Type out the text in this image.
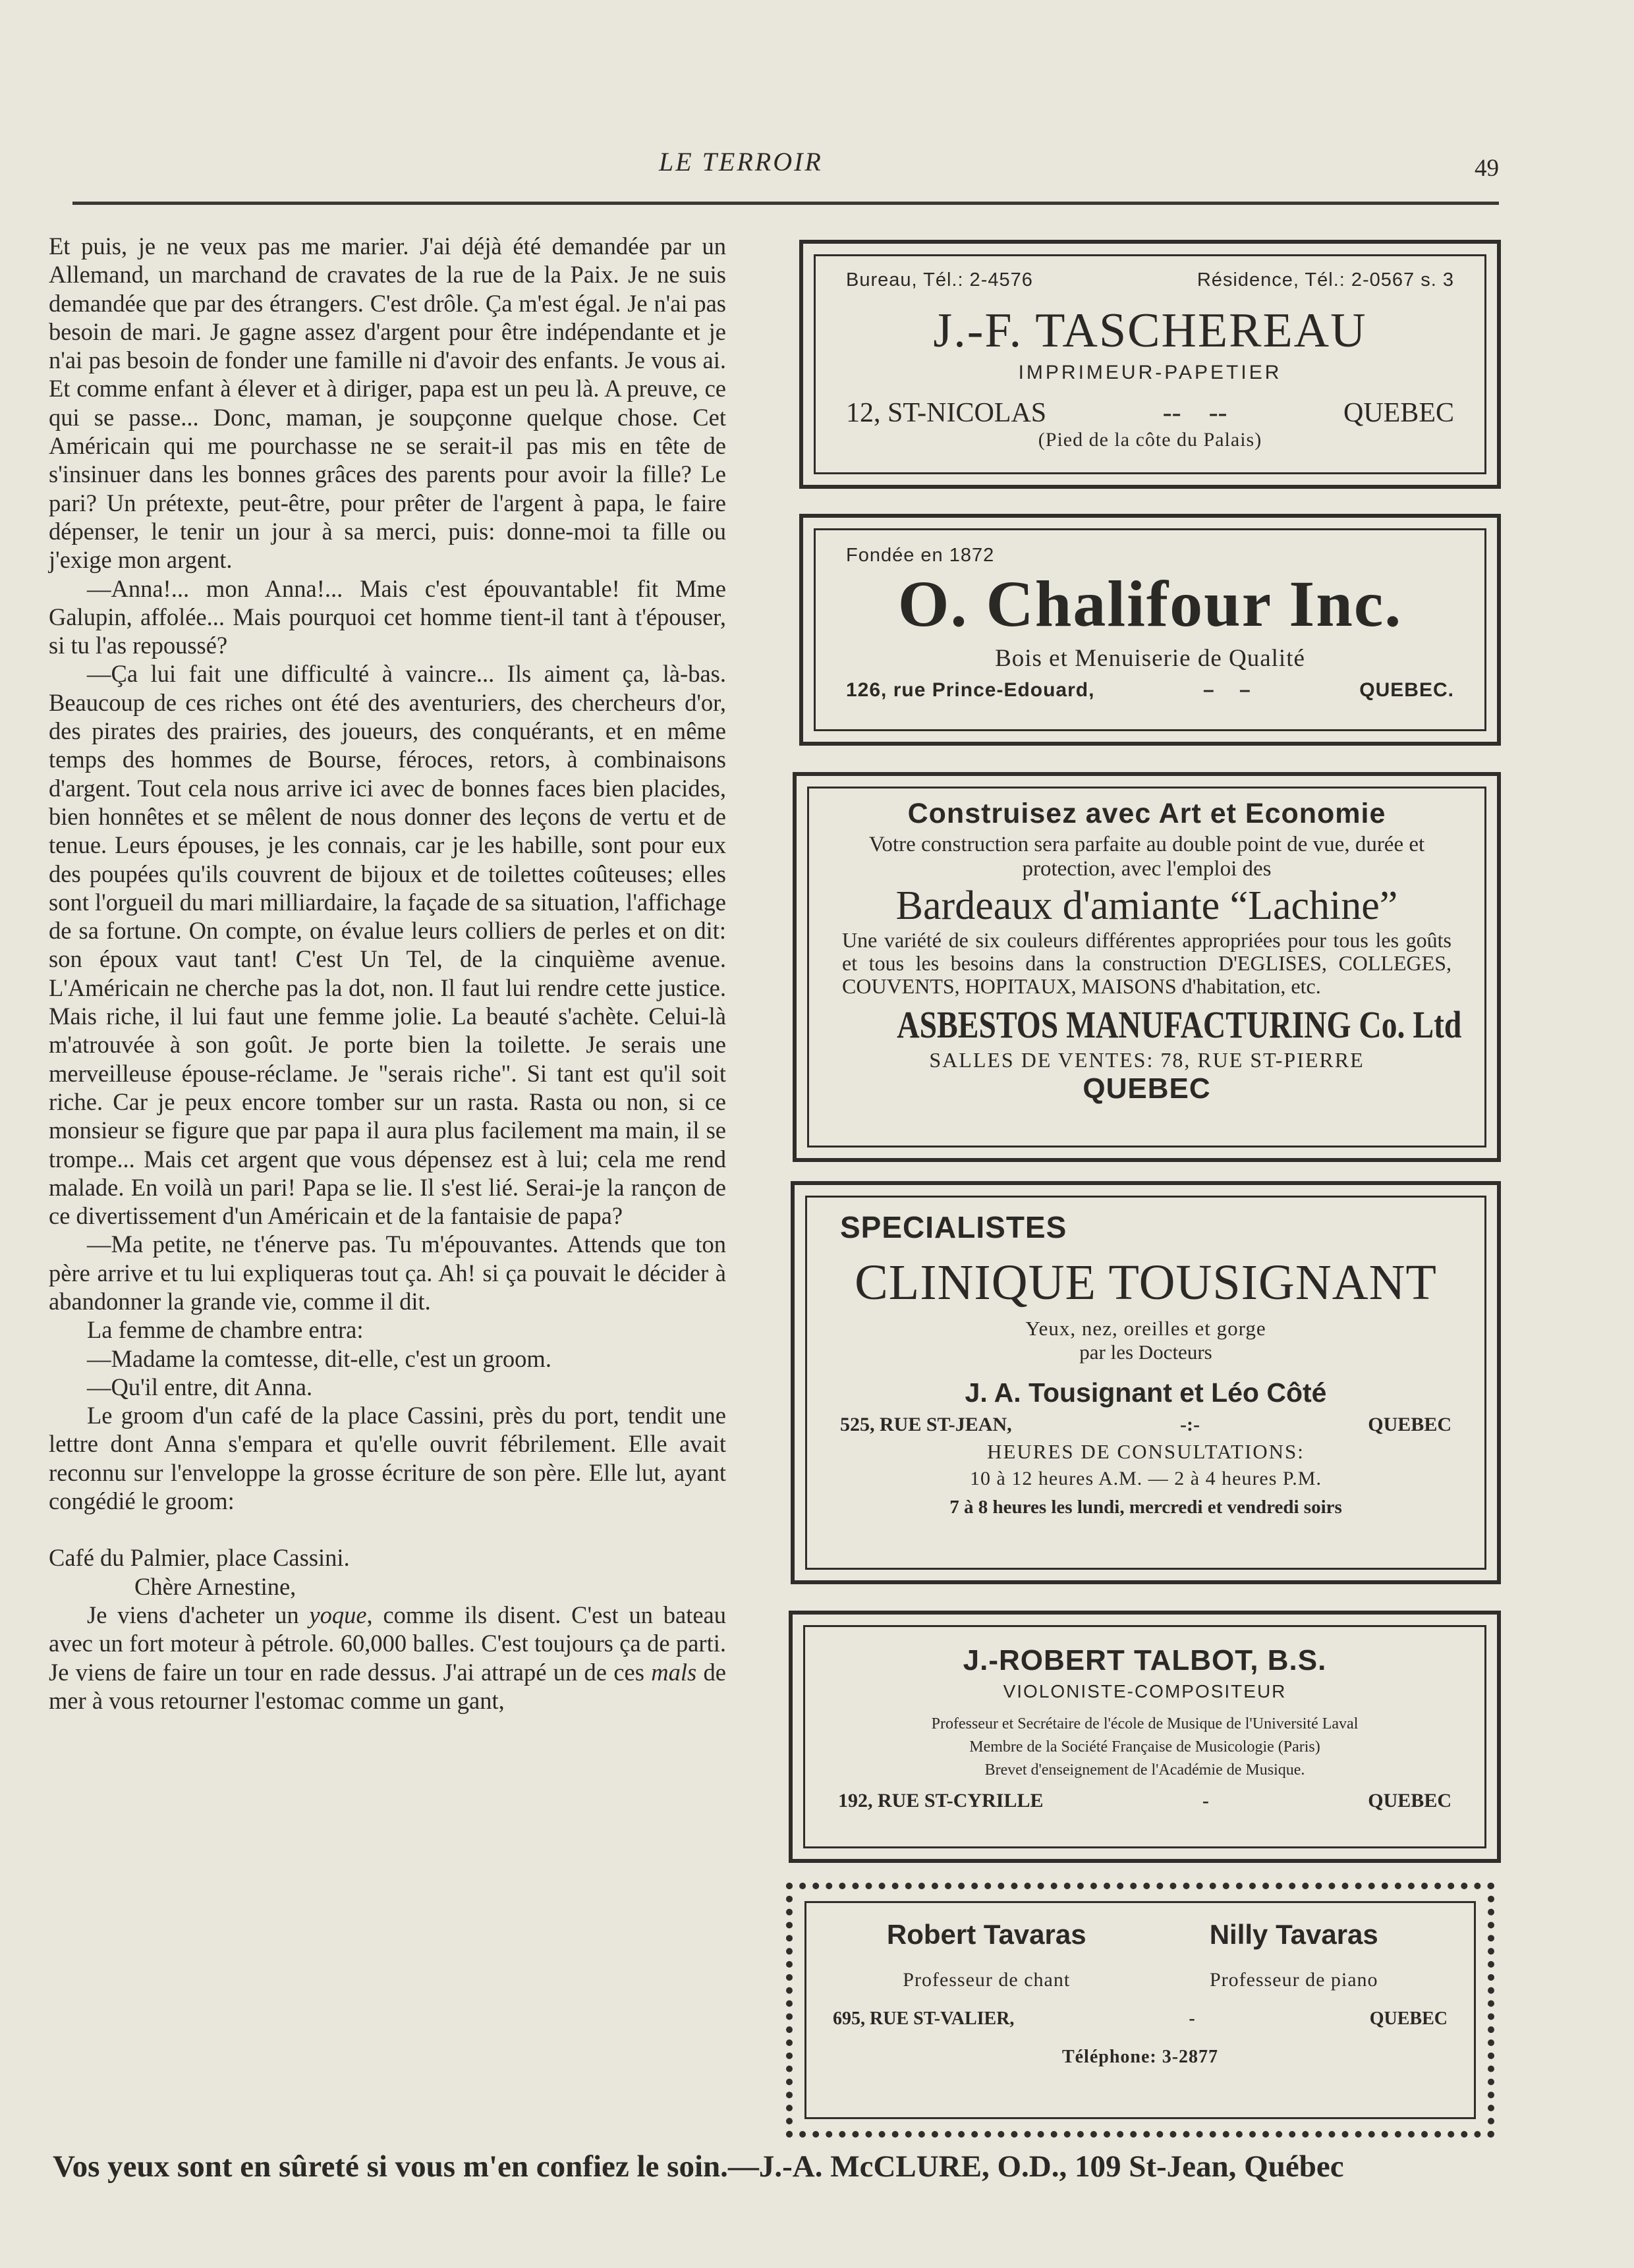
LE TERROIR	49

Et puis, je ne veux pas me marier. J'ai déjà été demandée par un Allemand, un marchand de cravates de la rue de la Paix. Je ne suis demandée que par des étrangers. C'est drôle. Ça m'est égal. Je n'ai pas besoin de mari. Je gagne assez d'argent pour être indépendante et je n'ai pas besoin de fonder une famille ni d'avoir des enfants. Je vous ai. Et comme enfant à élever et à diriger, papa est un peu là. A preuve, ce qui se passe... Donc, maman, je soupçonne quelque chose. Cet Américain qui me pourchasse ne se serait-il pas mis en tête de s'insinuer dans les bonnes grâces des parents pour avoir la fille? Le pari? Un prétexte, peut-être, pour prêter de l'argent à papa, le faire dépenser, le tenir un jour à sa merci, puis: donne-moi ta fille ou j'exige mon argent.

—Anna!... mon Anna!... Mais c'est épouvantable! fit Mme Galupin, affolée... Mais pourquoi cet homme tient-il tant à t'épouser, si tu l'as repoussé?

—Ça lui fait une difficulté à vaincre... Ils aiment ça, là-bas. Beaucoup de ces riches ont été des aventuriers, des chercheurs d'or, des pirates des prairies, des joueurs, des conquérants, et en même temps des hommes de Bourse, féroces, retors, à combinaisons d'argent. Tout cela nous arrive ici avec de bonnes faces bien placides, bien honnêtes et se mêlent de nous donner des leçons de vertu et de tenue. Leurs épouses, je les connais, car je les habille, sont pour eux des poupées qu'ils couvrent de bijoux et de toilettes coûteuses; elles sont l'orgueil du mari milliardaire, la façade de sa situation, l'affichage de sa fortune. On compte, on évalue leurs colliers de perles et on dit: son époux vaut tant! C'est Un Tel, de la cinquième avenue. L'Américain ne cherche pas la dot, non. Il faut lui rendre cette justice. Mais riche, il lui faut une femme jolie. La beauté s'achète. Celui-là m'atrouvée à son goût. Je porte bien la toilette. Je serais une merveilleuse épouse-réclame. Je "serais riche". Si tant est qu'il soit riche. Car je peux encore tomber sur un rasta. Rasta ou non, si ce monsieur se figure que par papa il aura plus facilement ma main, il se trompe... Mais cet argent que vous dépensez est à lui; cela me rend malade. En voilà un pari! Papa se lie. Il s'est lié. Serai-je la rançon de ce divertissement d'un Américain et de la fantaisie de papa?

—Ma petite, ne t'énerve pas. Tu m'épouvantes. Attends que ton père arrive et tu lui expliqueras tout ça. Ah! si ça pouvait le décider à abandonner la grande vie, comme il dit.

La femme de chambre entra:

—Madame la comtesse, dit-elle, c'est un groom.

—Qu'il entre, dit Anna.

Le groom d'un café de la place Cassini, près du port, tendit une lettre dont Anna s'empara et qu'elle ouvrit fébrilement. Elle avait reconnu sur l'enveloppe la grosse écriture de son père. Elle lut, ayant congédié le groom:

Café du Palmier, place Cassini.

Chère Arnestine,

Je viens d'acheter un yoque, comme ils disent. C'est un bateau avec un fort moteur à pétrole. 60,000 balles. C'est toujours ça de parti. Je viens de faire un tour en rade dessus. J'ai attrapé un de ces mals de mer à vous retourner l'estomac comme un gant,

Bureau, Tél.: 2-4576	Résidence, Tél.: 2-0567 s. 3
J.-F. TASCHEREAU
IMPRIMEUR-PAPETIER
12, ST-NICOLAS	--    --	QUEBEC
(Pied de la côte du Palais)
Fondée en 1872
O. Chalifour Inc.
Bois et Menuiserie de Qualité
126, rue Prince-Edouard,	–    –	QUEBEC.
Construisez avec Art et Economie
Votre construction sera parfaite au double point de vue, durée et protection, avec l'emploi des
Bardeaux d'amiante “Lachine”
Une variété de six couleurs différentes appropriées pour tous les goûts et tous les besoins dans la construction D'EGLISES, COLLEGES, COUVENTS, HOPITAUX, MAISONS d'habitation, etc.
ASBESTOS MANUFACTURING Co. Ltd
SALLES DE VENTES: 78, RUE ST-PIERRE
QUEBEC
SPECIALISTES
CLINIQUE TOUSIGNANT
Yeux, nez, oreilles et gorge
par les Docteurs
J. A. Tousignant et Léo Côté
525, RUE ST-JEAN,	-:-	QUEBEC
HEURES DE CONSULTATIONS:
10 à 12 heures A.M. — 2 à 4 heures P.M.
7 à 8 heures les lundi, mercredi et vendredi soirs
J.-ROBERT TALBOT, B.S.
VIOLONISTE-COMPOSITEUR
Professeur et Secrétaire de l'école de Musique de l'Université Laval
Membre de la Société Française de Musicologie (Paris)
Brevet d'enseignement de l'Académie de Musique.
192, RUE ST-CYRILLE	-	QUEBEC
Robert Tavaras
Professeur de chant
Nilly Tavaras
Professeur de piano
695, RUE ST-VALIER,	-	QUEBEC
Téléphone: 3-2877
Vos yeux sont en sûreté si vous m'en confiez le soin.—J.-A. McCLURE, O.D., 109 St-Jean, Québec
